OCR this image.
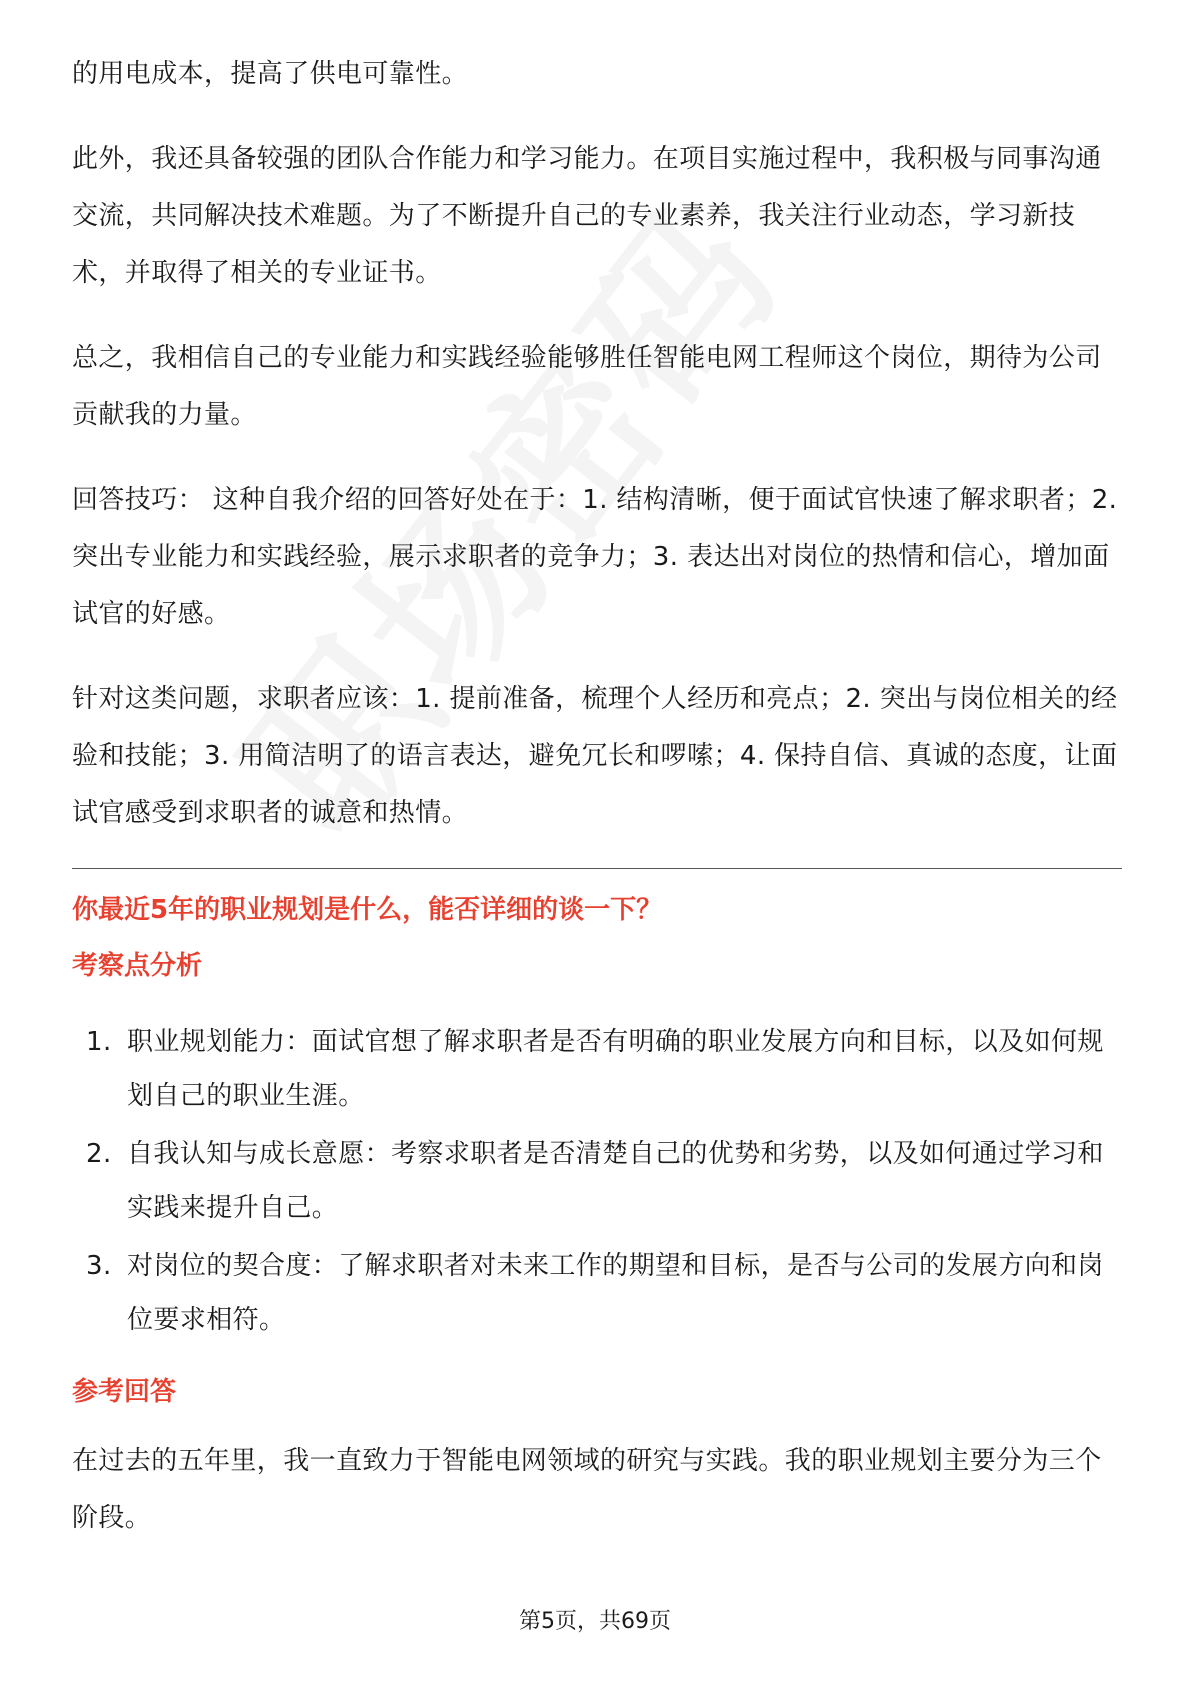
的用电成本，提高了供电可靠性。

此外，我还具备较强的团队合作能力和学习能力。在项目实施过程中，我积极与同事沟通交流，共同解决技术难题。为了不断提升自己的专业素养，我关注行业动态，学习新技术，并取得了相关的专业证书。

总之，我相信自己的专业能力和实践经验能够胜任智能电网工程师这个岗位，期待为公司贡献我的力量。

回答技巧： 这种自我介绍的回答好处在于：1. 结构清晰，便于面试官快速了解求职者；2. 突出专业能力和实践经验，展示求职者的竞争力；3. 表达出对岗位的热情和信心，增加面试官的好感。

针对这类问题，求职者应该：1. 提前准备，梳理个人经历和亮点；2. 突出与岗位相关的经验和技能；3. 用简洁明了的语言表达，避免冗长和啰嗦；4. 保持自信、真诚的态度，让面试官感受到求职者的诚意和热情。

你最近5年的职业规划是什么，能否详细的谈一下？
考察点分析
1. 职业规划能力：面试官想了解求职者是否有明确的职业发展方向和目标，以及如何规划自己的职业生涯。
2. 自我认知与成长意愿：考察求职者是否清楚自己的优势和劣势，以及如何通过学习和实践来提升自己。
3. 对岗位的契合度：了解求职者对未来工作的期望和目标，是否与公司的发展方向和岗位要求相符。
参考回答

在过去的五年里，我一直致力于智能电网领域的研究与实践。我的职业规划主要分为三个阶段。

第5页，共69页
